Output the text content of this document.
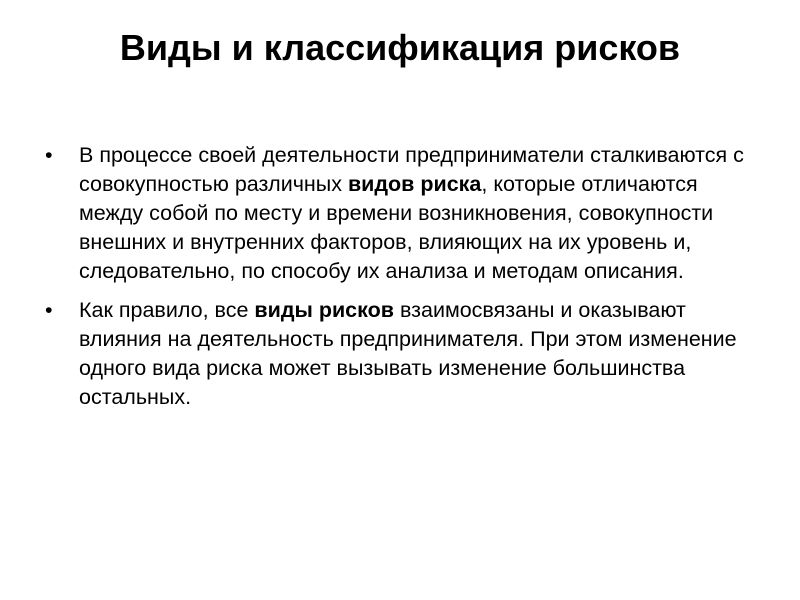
Виды и классификация рисков
• В процессе своей деятельности предприниматели сталкиваются с совокупностью различных видов риска, которые отличаются между собой по месту и времени возникновения, совокупности внешних и внутренних факторов, влияющих на их уровень и, следовательно, по способу их анализа и методам описания.
• Как правило, все виды рисков взаимосвязаны и оказывают влияния на деятельность предпринимателя. При этом изменение одного вида риска может вызывать изменение большинства остальных.
